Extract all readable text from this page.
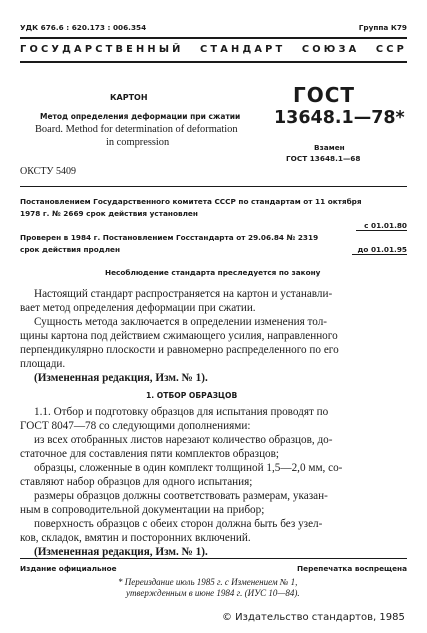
УДК 676.6 : 620.173 : 006.354	Группа К79
ГОСУДАРСТВЕННЫЙ СТАНДАРТ СОЮЗА ССР
КАРТОН
Метод определения деформации при сжатии
Board. Method for determination of deformation
in compression
ОКСТУ 5409
ГОСТ
13648.1—78*
Взамен
ГОСТ 13648.1—68
Постановлением Государственного комитета СССР по стандартам от 11 октября
1978 г. № 2669 срок действия установлен
с 01.01.80
Проверен в 1984 г. Постановлением Госстандарта от 29.06.84 № 2319
срок действия продлен	до 01.01.95
Несоблюдение стандарта преследуется по закону
Настоящий стандарт распространяется на картон и устанавли-
вает метод определения деформации при сжатии.
Сущность метода заключается в определении изменения тол-
щины картона под действием сжимающего усилия, направленного
перпендикулярно плоскости и равномерно распределенного по его
площади.
(Измененная редакция, Изм. № 1).
1. ОТБОР ОБРАЗЦОВ
1.1. Отбор и подготовку образцов для испытания проводят по
ГОСТ 8047—78 со следующими дополнениями:
из всех отобранных листов нарезают количество образцов, до-
статочное для составления пяти комплектов образцов;
образцы, сложенные в один комплект толщиной 1,5—2,0 мм, со-
ставляют набор образцов для одного испытания;
размеры образцов должны соответствовать размерам, указан-
ным в сопроводительной документации на прибор;
поверхность образцов с обеих сторон должна быть без узел-
ков, складок, вмятин и посторонних включений.
(Измененная редакция, Изм. № 1).
Издание официальное	Перепечатка воспрещена
* Переиздание июль 1985 г. с Изменением № 1,
утвержденным в июне 1984 г. (ИУС 10—84).
© Издательство стандартов, 1985
